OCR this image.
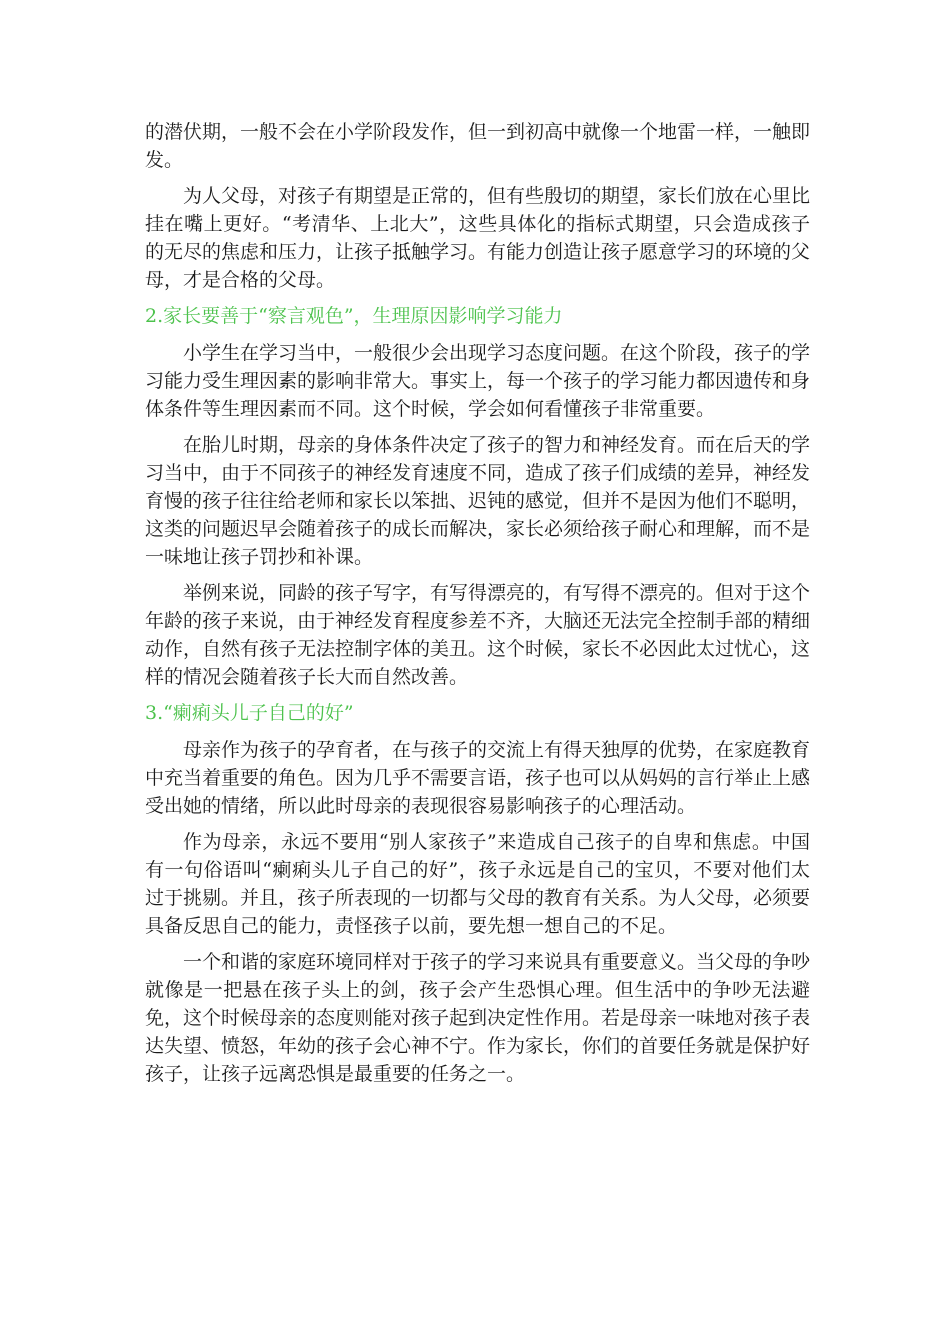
的潜伏期，一般不会在小学阶段发作，但一到初高中就像一个地雷一样，一触即发。

为人父母，对孩子有期望是正常的，但有些殷切的期望，家长们放在心里比挂在嘴上更好。“考清华、上北大”，这些具体化的指标式期望，只会造成孩子的无尽的焦虑和压力，让孩子抵触学习。有能力创造让孩子愿意学习的环境的父母，才是合格的父母。

2.家长要善于“察言观色”，生理原因影响学习能力

小学生在学习当中，一般很少会出现学习态度问题。在这个阶段，孩子的学习能力受生理因素的影响非常大。事实上，每一个孩子的学习能力都因遗传和身体条件等生理因素而不同。这个时候，学会如何看懂孩子非常重要。

在胎儿时期，母亲的身体条件决定了孩子的智力和神经发育。而在后天的学习当中，由于不同孩子的神经发育速度不同，造成了孩子们成绩的差异，神经发育慢的孩子往往给老师和家长以笨拙、迟钝的感觉，但并不是因为他们不聪明，这类的问题迟早会随着孩子的成长而解决，家长必须给孩子耐心和理解，而不是一味地让孩子罚抄和补课。

举例来说，同龄的孩子写字，有写得漂亮的，有写得不漂亮的。但对于这个年龄的孩子来说，由于神经发育程度参差不齐，大脑还无法完全控制手部的精细动作，自然有孩子无法控制字体的美丑。这个时候，家长不必因此太过忧心，这样的情况会随着孩子长大而自然改善。

3.“瘌痢头儿子自己的好”

母亲作为孩子的孕育者，在与孩子的交流上有得天独厚的优势，在家庭教育中充当着重要的角色。因为几乎不需要言语，孩子也可以从妈妈的言行举止上感受出她的情绪，所以此时母亲的表现很容易影响孩子的心理活动。

作为母亲，永远不要用“别人家孩子”来造成自己孩子的自卑和焦虑。中国有一句俗语叫“瘌痢头儿子自己的好”，孩子永远是自己的宝贝，不要对他们太过于挑剔。并且，孩子所表现的一切都与父母的教育有关系。为人父母，必须要具备反思自己的能力，责怪孩子以前，要先想一想自己的不足。

一个和谐的家庭环境同样对于孩子的学习来说具有重要意义。当父母的争吵就像是一把悬在孩子头上的剑，孩子会产生恐惧心理。但生活中的争吵无法避免，这个时候母亲的态度则能对孩子起到决定性作用。若是母亲一味地对孩子表达失望、愤怒，年幼的孩子会心神不宁。作为家长，你们的首要任务就是保护好孩子，让孩子远离恐惧是最重要的任务之一。
